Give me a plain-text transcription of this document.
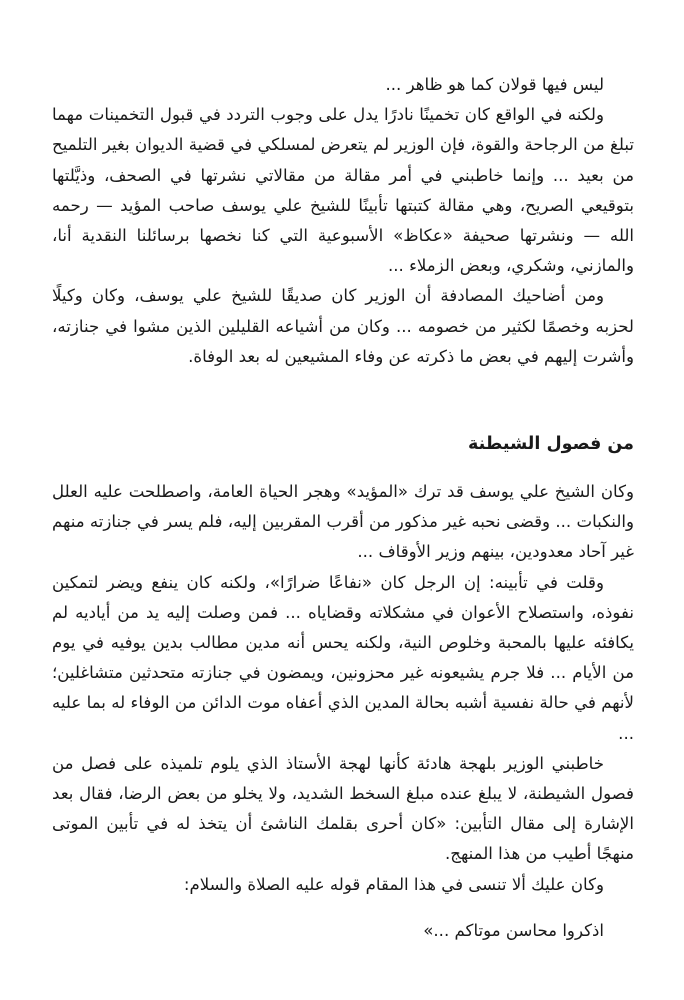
ليس فيها قولان كما هو ظاهر ...

ولكنه في الواقع كان تخمينًا نادرًا يدل على وجوب التردد في قبول التخمينات مهما تبلغ من الرجاحة والقوة، فإن الوزير لم يتعرض لمسلكي في قضية الديوان بغير التلميح من بعيد ... وإنما خاطبني في أمر مقالة من مقالاتي نشرتها في الصحف، وذيَّلتها بتوقيعي الصريح، وهي مقالة كتبتها تأبينًا للشيخ علي يوسف صاحب المؤيد — رحمه الله — ونشرتها صحيفة «عكاظ» الأسبوعية التي كنا نخصها برسائلنا النقدية أنا، والمازني، وشكري، وبعض الزملاء ...

ومن أضاحيك المصادفة أن الوزير كان صديقًا للشيخ علي يوسف، وكان وكيلًا لحزبه وخصمًا لكثير من خصومه ... وكان من أشياعه القليلين الذين مشوا في جنازته، وأشرت إليهم في بعض ما ذكرته عن وفاء المشيعين له بعد الوفاة.

من فصول الشيطنة

وكان الشيخ علي يوسف قد ترك «المؤيد» وهجر الحياة العامة، واصطلحت عليه العلل والنكبات ... وقضى نحبه غير مذكور من أقرب المقربين إليه، فلم يسر في جنازته منهم غير آحاد معدودين، بينهم وزير الأوقاف ...

وقلت في تأبينه: إن الرجل كان «نفاعًا ضرارًا»، ولكنه كان ينفع ويضر لتمكين نفوذه، واستصلاح الأعوان في مشكلاته وقضاياه ... فمن وصلت إليه يد من أياديه لم يكافئه عليها بالمحبة وخلوص النية، ولكنه يحس أنه مدين مطالب بدين يوفيه في يوم من الأيام ... فلا جرم يشيعونه غير محزونين، ويمضون في جنازته متحدثين متشاغلين؛ لأنهم في حالة نفسية أشبه بحالة المدين الذي أعفاه موت الدائن من الوفاء له بما عليه ...

خاطبني الوزير بلهجة هادئة كأنها لهجة الأستاذ الذي يلوم تلميذه على فصل من فصول الشيطنة، لا يبلغ عنده مبلغ السخط الشديد، ولا يخلو من بعض الرضا، فقال بعد الإشارة إلى مقال التأبين: «كان أحرى بقلمك الناشئ أن يتخذ له في تأبين الموتى منهجًا أطيب من هذا المنهج.

وكان عليك ألا تنسى في هذا المقام قوله عليه الصلاة والسلام:

اذكروا محاسن موتاكم ...»
